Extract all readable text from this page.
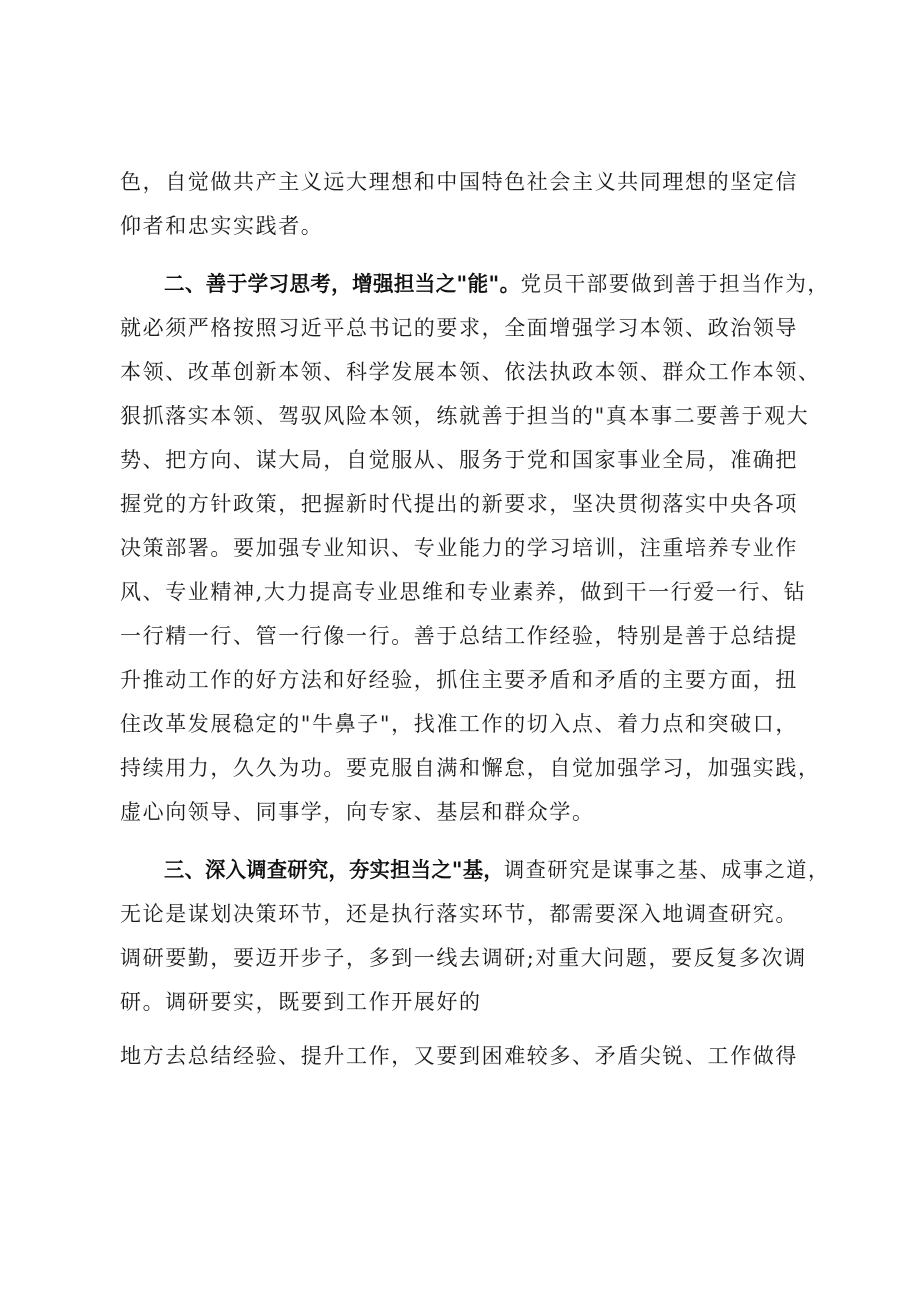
色，自觉做共产主义远大理想和中国特色社会主义共同理想的坚定信
仰者和忠实实践者。
二、善于学习思考，增强担当之"能"。党员干部要做到善于担当作为，
就必须严格按照习近平总书记的要求，全面增强学习本领、政治领导
本领、改革创新本领、科学发展本领、依法执政本领、群众工作本领、
狠抓落实本领、驾驭风险本领，练就善于担当的"真本事二要善于观大
势、把方向、谋大局，自觉服从、服务于党和国家事业全局，准确把
握党的方针政策，把握新时代提出的新要求，坚决贯彻落实中央各项
决策部署。要加强专业知识、专业能力的学习培训，注重培养专业作
风、专业精神,大力提高专业思维和专业素养，做到干一行爱一行、钻
一行精一行、管一行像一行。善于总结工作经验，特别是善于总结提
升推动工作的好方法和好经验，抓住主要矛盾和矛盾的主要方面，扭
住改革发展稳定的"牛鼻子"，找准工作的切入点、着力点和突破口，
持续用力，久久为功。要克服自满和懈怠，自觉加强学习，加强实践，
虚心向领导、同事学，向专家、基层和群众学。
三、深入调查研究，夯实担当之"基，调查研究是谋事之基、成事之道，
无论是谋划决策环节，还是执行落实环节，都需要深入地调查研究。
调研要勤，要迈开步子，多到一线去调研;对重大问题，要反复多次调
研。调研要实，既要到工作开展好的
地方去总结经验、提升工作，又要到困难较多、矛盾尖锐、工作做得
